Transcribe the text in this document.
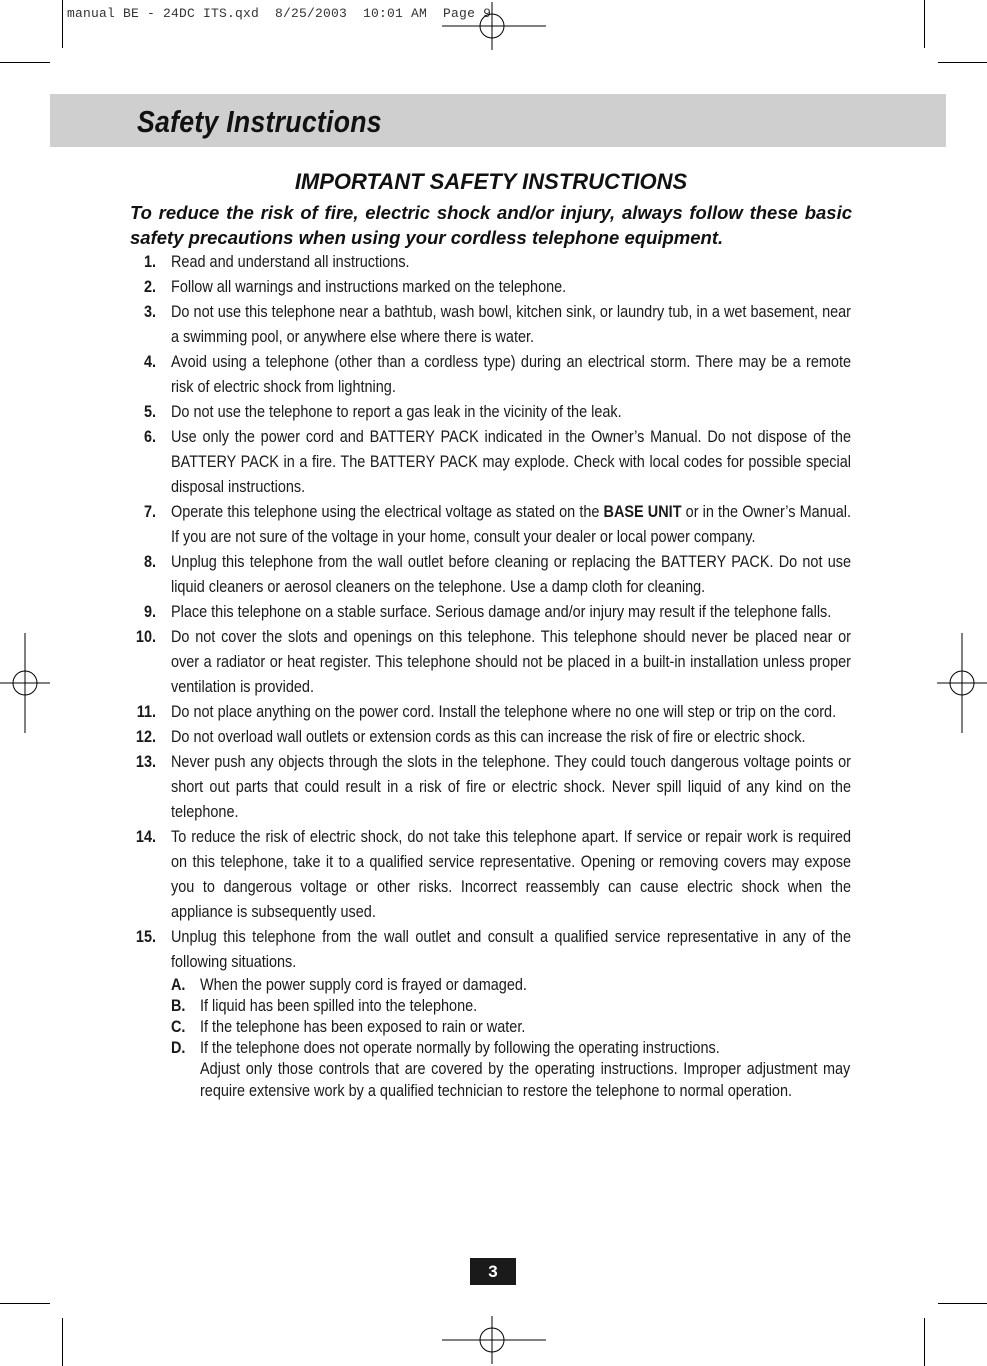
manual BE - 24DC ITS.qxd  8/25/2003  10:01 AM  Page 9
Safety Instructions
IMPORTANT SAFETY INSTRUCTIONS
To reduce the risk of fire, electric shock and/or injury, always follow these basic safety precautions when using your cordless telephone equipment.
1. Read and understand all instructions.
2. Follow all warnings and instructions marked on the telephone.
3. Do not use this telephone near a bathtub, wash bowl, kitchen sink, or laundry tub, in a wet basement, near a swimming pool, or anywhere else where there is water.
4. Avoid using a telephone (other than a cordless type) during an electrical storm. There may be a remote risk of electric shock from lightning.
5. Do not use the telephone to report a gas leak in the vicinity of the leak.
6. Use only the power cord and BATTERY PACK indicated in the Owner’s Manual. Do not dispose of the BATTERY PACK in a fire. The BATTERY PACK may explode. Check with local codes for possible special disposal instructions.
7. Operate this telephone using the electrical voltage as stated on the BASE UNIT or in the Owner’s Manual. If you are not sure of the voltage in your home, consult your dealer or local power company.
8. Unplug this telephone from the wall outlet before cleaning or replacing the BATTERY PACK. Do not use liquid cleaners or aerosol cleaners on the telephone. Use a damp cloth for cleaning.
9. Place this telephone on a stable surface. Serious damage and/or injury may result if the telephone falls.
10. Do not cover the slots and openings on this telephone. This telephone should never be placed near or over a radiator or heat register. This telephone should not be placed in a built-in installation unless proper ventilation is provided.
11. Do not place anything on the power cord. Install the telephone where no one will step or trip on the cord.
12. Do not overload wall outlets or extension cords as this can increase the risk of fire or electric shock.
13. Never push any objects through the slots in the telephone. They could touch dangerous voltage points or short out parts that could result in a risk of fire or electric shock. Never spill liquid of any kind on the telephone.
14. To reduce the risk of electric shock, do not take this telephone apart. If service or repair work is required on this telephone, take it to a qualified service representative. Opening or removing covers may expose you to dangerous voltage or other risks. Incorrect reassembly can cause electric shock when the appliance is subsequently used.
15. Unplug this telephone from the wall outlet and consult a qualified service representative in any of the following situations.
A. When the power supply cord is frayed or damaged.
B. If liquid has been spilled into the telephone.
C. If the telephone has been exposed to rain or water.
D. If the telephone does not operate normally by following the operating instructions.
Adjust only those controls that are covered by the operating instructions. Improper adjustment may require extensive work by a qualified technician to restore the telephone to normal operation.
3
